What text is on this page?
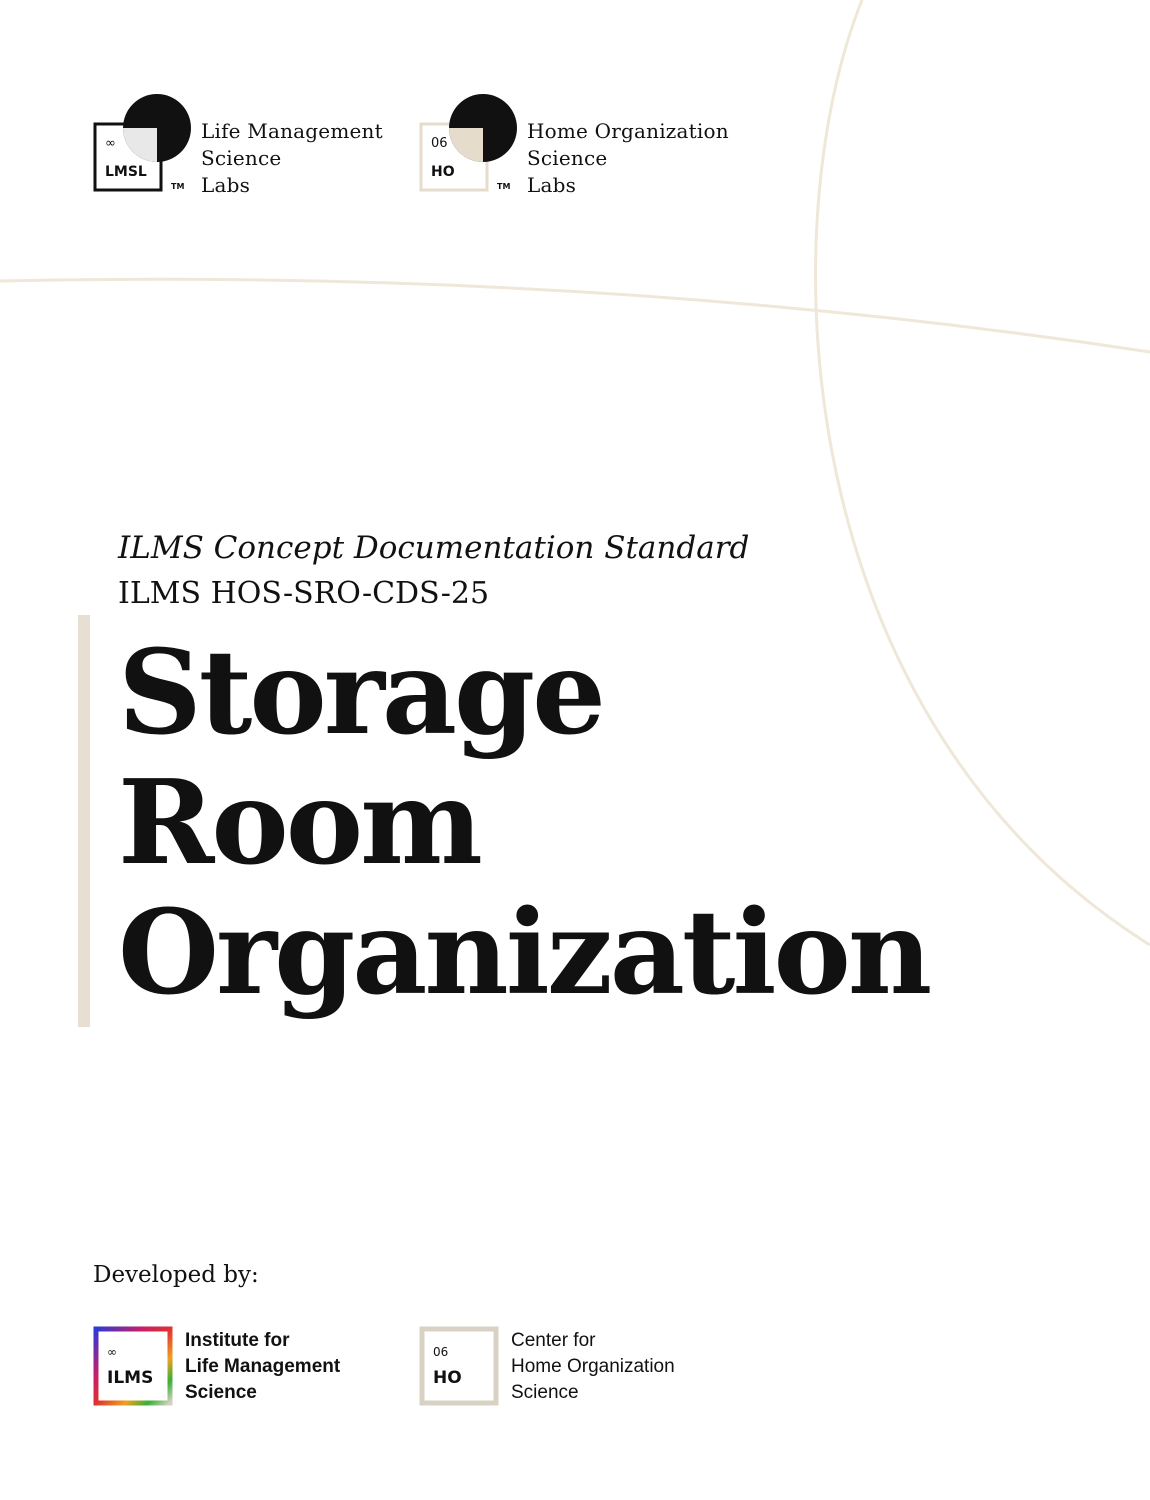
∞
LMSL
TM
Life Management
Science
Labs
06
HO
TM
Home Organization
Science
Labs
ILMS Concept Documentation Standard
ILMS HOS-SRO-CDS-25
Storage
Room
Organization
Developed by:
∞
ILMS
Institute for
Life Management
Science
06
HO
Center for
Home Organization
Science
